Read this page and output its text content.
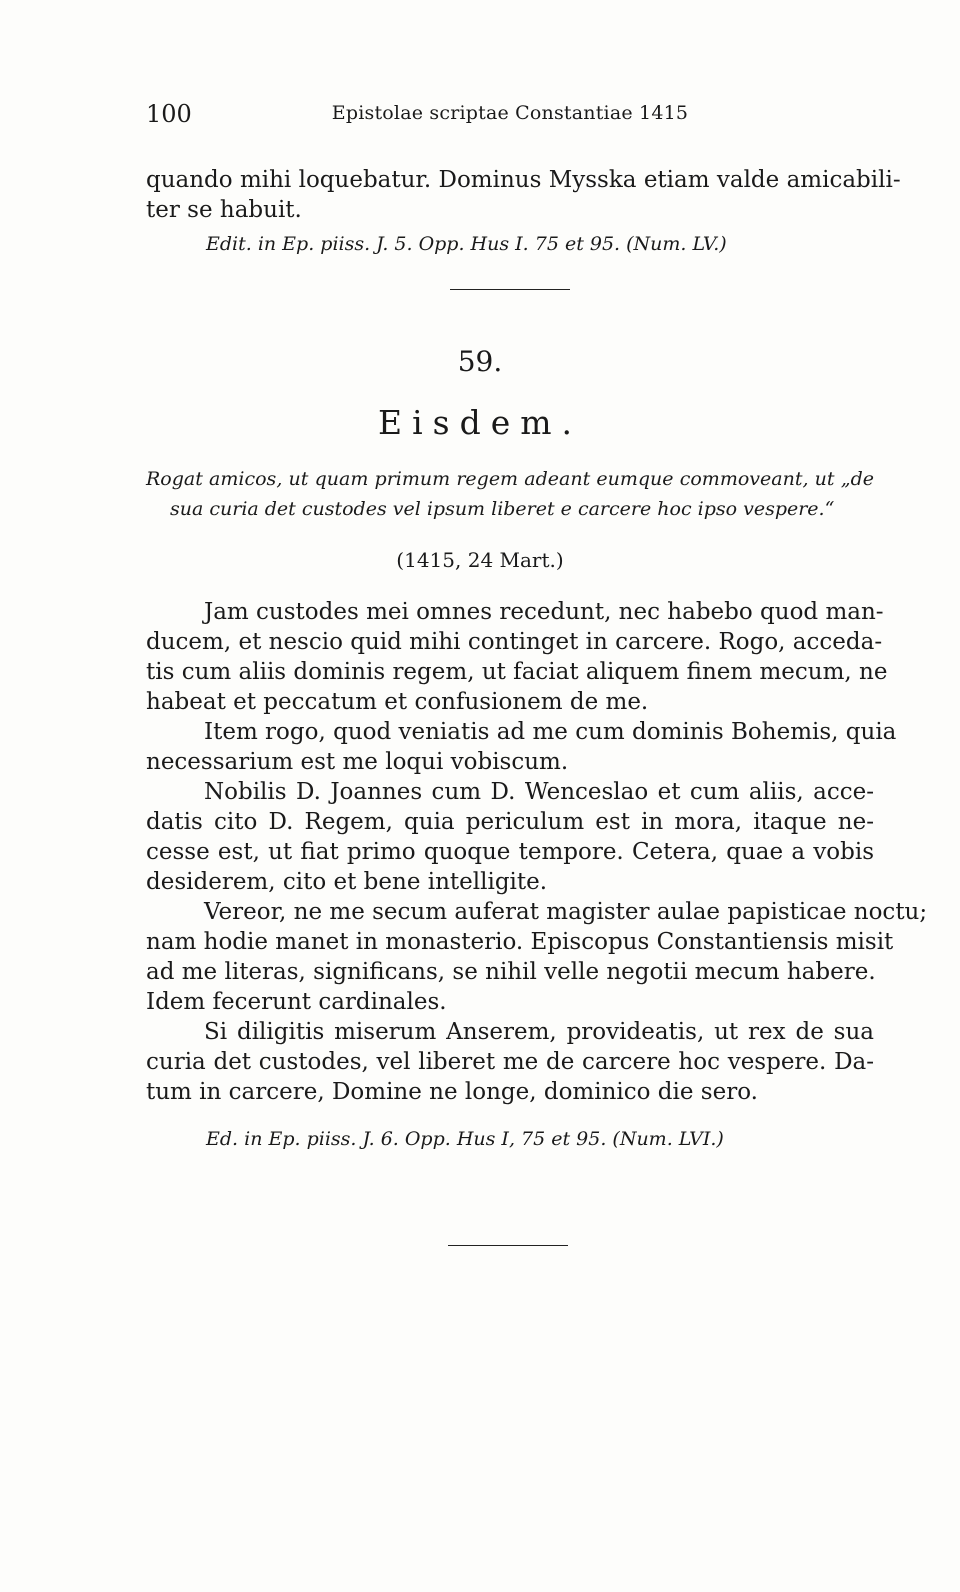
100	Epistolae scriptae Constantiae 1415
quando mihi loquebatur. Dominus Mysska etiam valde amicabili-
ter se habuit.
Edit. in Ep. piiss. J. 5. Opp. Hus I. 75 et 95. (Num. LV.)
59.
Eisdem.
Rogat amicos, ut quam primum regem adeant eumque commoveant, ut „de
sua curia det custodes vel ipsum liberet e carcere hoc ipso vespere.“
(1415, 24 Mart.)
Jam custodes mei omnes recedunt, nec habebo quod man-
ducem, et nescio quid mihi continget in carcere. Rogo, acceda-
tis cum aliis dominis regem, ut faciat aliquem finem mecum, ne
habeat et peccatum et confusionem de me.
Item rogo, quod veniatis ad me cum dominis Bohemis, quia
necessarium est me loqui vobiscum.
Nobilis D. Joannes cum D. Wenceslao et cum aliis, acce-
datis cito D. Regem, quia periculum est in mora, itaque ne-
cesse est, ut fiat primo quoque tempore. Cetera, quae a vobis
desiderem, cito et bene intelligite.
Vereor, ne me secum auferat magister aulae papisticae noctu;
nam hodie manet in monasterio. Episcopus Constantiensis misit
ad me literas, significans, se nihil velle negotii mecum habere.
Idem fecerunt cardinales.
Si diligitis miserum Anserem, provideatis, ut rex de sua
curia det custodes, vel liberet me de carcere hoc vespere. Da-
tum in carcere, Domine ne longe, dominico die sero.
Ed. in Ep. piiss. J. 6. Opp. Hus I, 75 et 95. (Num. LVI.)
